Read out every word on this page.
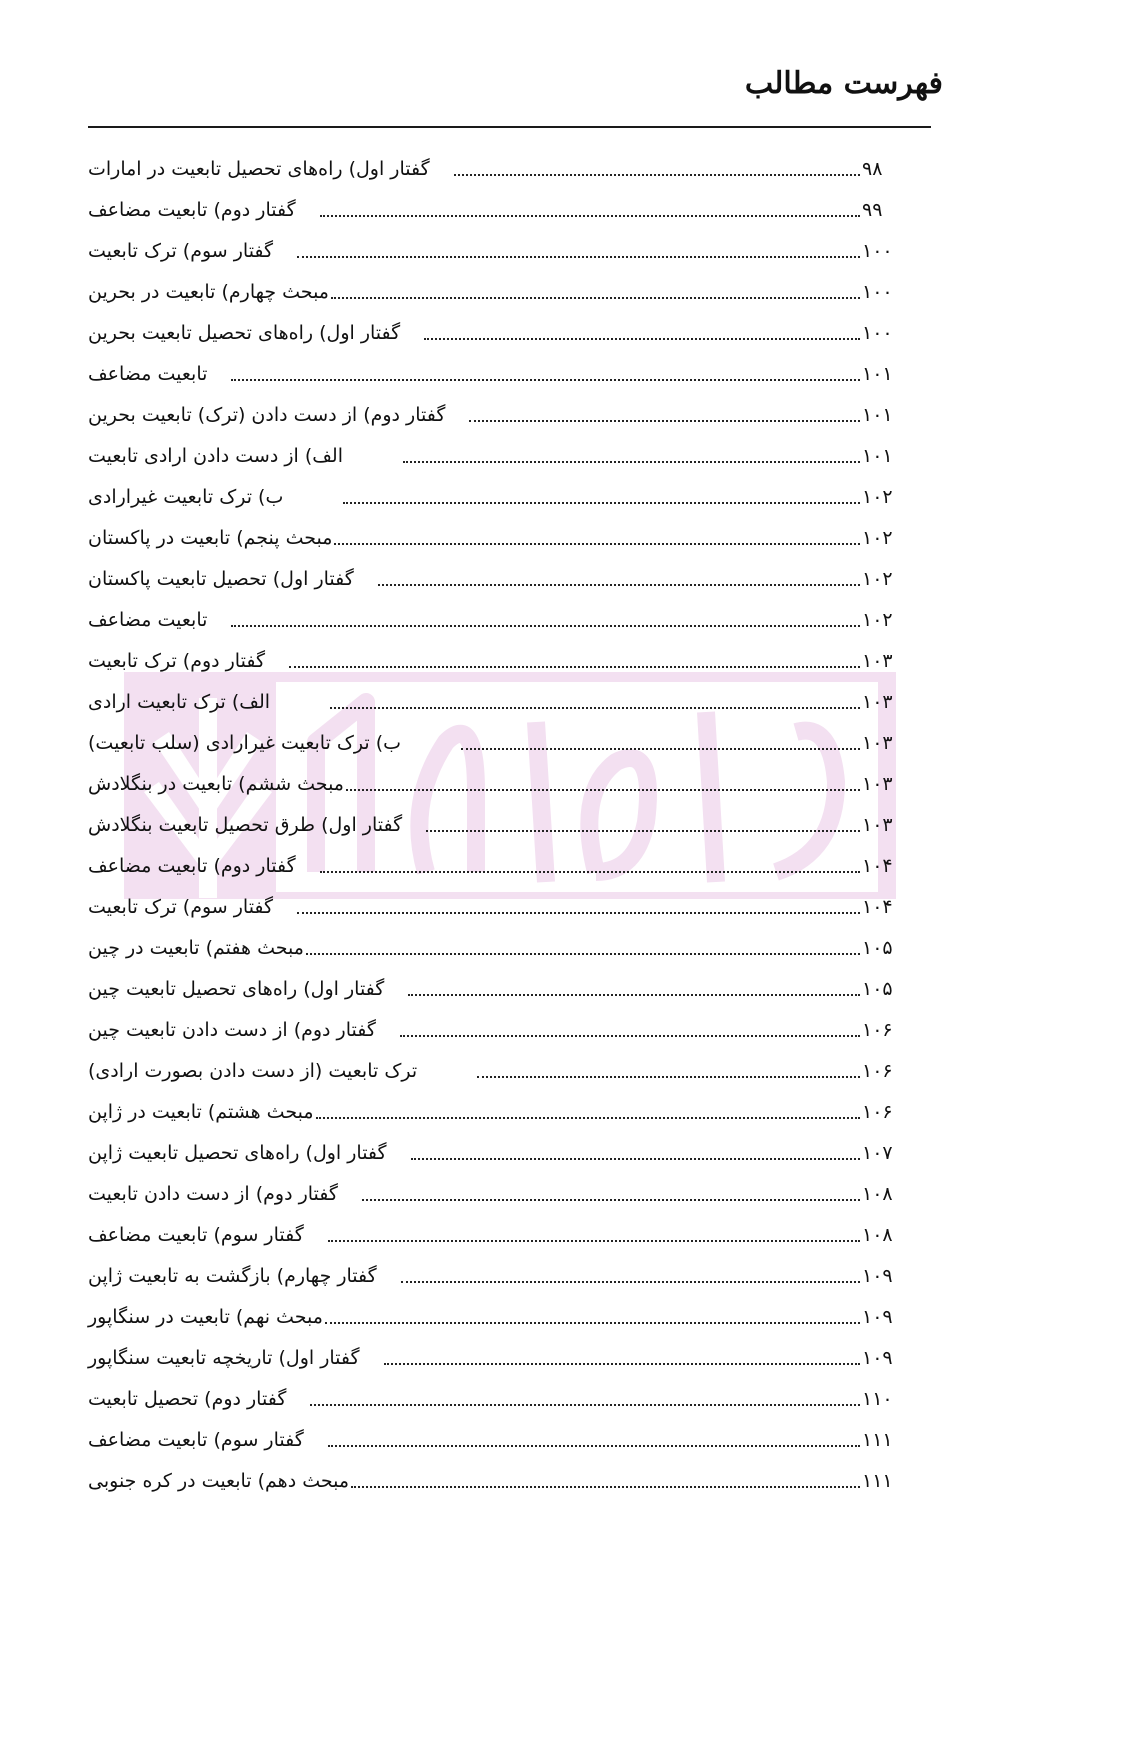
فهرست مطالب
گفتار اول) راه‌های تحصیل تابعیت در امارات	۹۸
گفتار دوم) تابعیت مضاعف	۹۹
گفتار سوم) ترک تابعیت	۱۰۰
مبحث چهارم) تابعیت در بحرین	۱۰۰
گفتار اول) راه‌های تحصیل تابعیت بحرین	۱۰۰
تابعیت مضاعف	۱۰۱
گفتار دوم) از دست دادن (ترک) تابعیت بحرین	۱۰۱
الف) از دست دادن ارادی تابعیت	۱۰۱
ب) ترک تابعیت غیرارادی	۱۰۲
مبحث پنجم) تابعیت در پاکستان	۱۰۲
گفتار اول) تحصیل تابعیت پاکستان	۱۰۲
تابعیت مضاعف	۱۰۲
گفتار دوم) ترک تابعیت	۱۰۳
الف) ترک تابعیت ارادی	۱۰۳
ب) ترک تابعیت غیرارادی (سلب تابعیت)	۱۰۳
مبحث ششم) تابعیت در بنگلادش	۱۰۳
گفتار اول) طرق تحصیل تابعیت بنگلادش	۱۰۳
گفتار دوم) تابعیت مضاعف	۱۰۴
گفتار سوم) ترک تابعیت	۱۰۴
مبحث هفتم) تابعیت در چین	۱۰۵
گفتار اول) راه‌های تحصیل تابعیت چین	۱۰۵
گفتار دوم) از دست دادن تابعیت چین	۱۰۶
ترک تابعیت (از دست دادن بصورت ارادی)	۱۰۶
مبحث هشتم) تابعیت در ژاپن	۱۰۶
گفتار اول) راه‌های تحصیل تابعیت ژاپن	۱۰۷
گفتار دوم) از دست دادن تابعیت	۱۰۸
گفتار سوم) تابعیت مضاعف	۱۰۸
گفتار چهارم) بازگشت به تابعیت ژاپن	۱۰۹
مبحث نهم) تابعیت در سنگاپور	۱۰۹
گفتار اول) تاریخچه تابعیت سنگاپور	۱۰۹
گفتار دوم) تحصیل تابعیت	۱۱۰
گفتار سوم) تابعیت مضاعف	۱۱۱
مبحث دهم) تابعیت در کره جنوبی	۱۱۱
